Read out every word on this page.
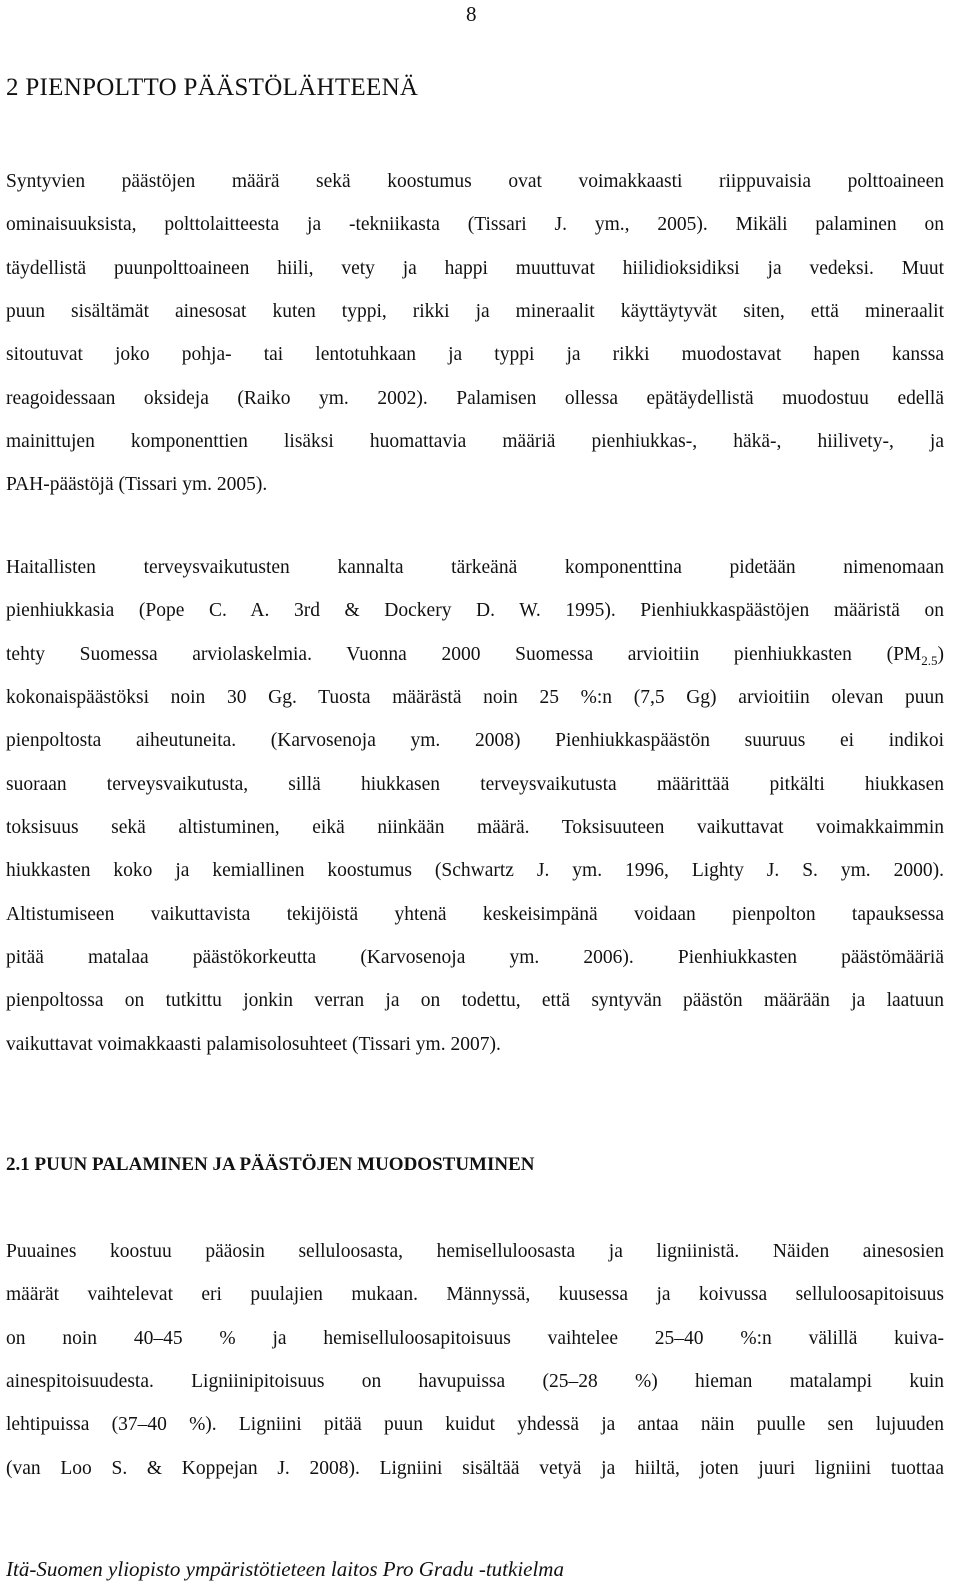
8
2 PIENPOLTTO PÄÄSTÖLÄHTEENÄ
Syntyvien päästöjen määrä sekä koostumus ovat voimakkaasti riippuvaisia polttoaineen
ominaisuuksista, polttolaitteesta ja -tekniikasta (Tissari J. ym., 2005). Mikäli palaminen on
täydellistä puunpolttoaineen hiili, vety ja happi muuttuvat hiilidioksidiksi ja vedeksi. Muut
puun sisältämät ainesosat kuten typpi, rikki ja mineraalit käyttäytyvät siten, että mineraalit
sitoutuvat joko pohja- tai lentotuhkaan ja typpi ja rikki muodostavat hapen kanssa
reagoidessaan oksideja (Raiko ym. 2002). Palamisen ollessa epätäydellistä muodostuu edellä
mainittujen komponenttien lisäksi huomattavia määriä pienhiukkas-, häkä-, hiilivety-, ja
PAH-päästöjä (Tissari ym. 2005).
Haitallisten terveysvaikutusten kannalta tärkeänä komponenttina pidetään nimenomaan
pienhiukkasia (Pope C. A. 3rd & Dockery D. W. 1995). Pienhiukkaspäästöjen määristä on
tehty Suomessa arviolaskelmia. Vuonna 2000 Suomessa arvioitiin pienhiukkasten $(PM_{2.5})$
kokonaispäästöksi noin 30 Gg. Tuosta määrästä noin 25 %:n (7,5 Gg) arvioitiin olevan puun
pienpoltosta aiheutuneita. (Karvosenoja ym. 2008) Pienhiukkaspäästön suuruus ei indikoi
suoraan terveysvaikutusta, sillä hiukkasen terveysvaikutusta määrittää pitkälti hiukkasen
toksisuus sekä altistuminen, eikä niinkään määrä. Toksisuuteen vaikuttavat voimakkaimmin
hiukkasten koko ja kemiallinen koostumus (Schwartz J. ym. 1996, Lighty J. S. ym. 2000).
Altistumiseen vaikuttavista tekijöistä yhtenä keskeisimpänä voidaan pienpolton tapauksessa
pitää matalaa päästökorkeutta (Karvosenoja ym. 2006). Pienhiukkasten päästömääriä
pienpoltossa on tutkittu jonkin verran ja on todettu, että syntyvän päästön määrään ja laatuun
vaikuttavat voimakkaasti palamisolosuhteet (Tissari ym. 2007).
2.1 PUUN PALAMINEN JA PÄÄSTÖJEN MUODOSTUMINEN
Puuaines koostuu pääosin selluloosasta, hemiselluloosasta ja ligniinistä. Näiden ainesosien
määrät vaihtelevat eri puulajien mukaan. Männyssä, kuusessa ja koivussa selluloosapitoisuus
on noin 40–45 % ja hemiselluloosapitoisuus vaihtelee 25–40 %:n välillä kuiva-
ainespitoisuudesta. Ligniinipitoisuus on havupuissa (25–28 %) hieman matalampi kuin
lehtipuissa (37–40 %). Ligniini pitää puun kuidut yhdessä ja antaa näin puulle sen lujuuden
(van Loo S. & Koppejan J. 2008). Ligniini sisältää vetyä ja hiiltä, joten juuri ligniini tuottaa
Itä-Suomen yliopisto ympäristötieteen laitos Pro Gradu -tutkielma
